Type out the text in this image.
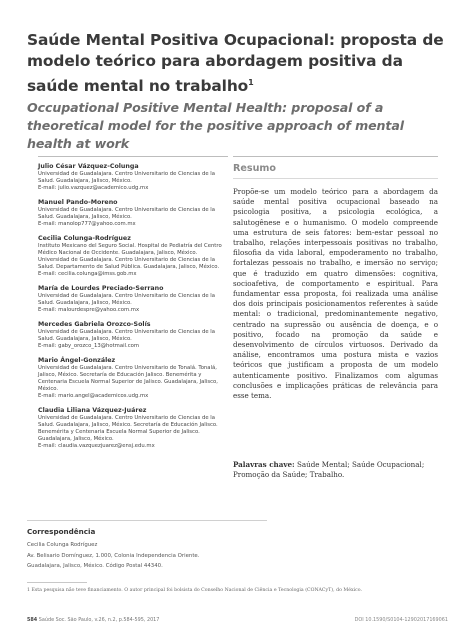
Saúde Mental Positiva Ocupacional: proposta de modelo teórico para abordagem positiva da saúde mental no trabalho$^1$
Occupational Positive Mental Health: proposal of a theoretical model for the positive approach of mental health at work
Julio César Vázquez-Colunga
Universidad de Guadalajara. Centro Universitario de Ciencias de la Salud. Guadalajara, Jalisco, México.
E-mail: julio.vazquez@academico.udg.mx
Manuel Pando-Moreno
Universidad de Guadalajara. Centro Universitario de Ciencias de la Salud. Guadalajara, Jalisco, México.
E-mail: manolop777@yahoo.com.mx
Cecilia Colunga-Rodríguez
Instituto Mexicano del Seguro Social. Hospital de Pediatría del Centro Médico Nacional de Occidente. Guadalajara, Jalisco, México. Universidad de Guadalajara. Centro Universitario de Ciencias de la Salud. Departamento de Salud Pública. Guadalajara, Jalisco, México.
E-mail: cecilia.colunga@imss.gob.mx
María de Lourdes Preciado-Serrano
Universidad de Guadalajara. Centro Universitario de Ciencias de la Salud. Guadalajara, Jalisco, México.
E-mail: malourdespre@yahoo.com.mx
Mercedes Gabriela Orozco-Solís
Universidad de Guadalajara. Centro Universitario de Ciencias de la Salud. Guadalajara, Jalisco, México.
E-mail: gaby_orozco_13@hotmail.com
Mario Ángel-González
Universidad de Guadalajara. Centro Universitario de Tonalá. Tonalá, Jalisco, México. Secretaría de Educación Jalisco. Benemérita y Centenaria Escuela Normal Superior de Jalisco. Guadalajara, Jalisco, México.
E-mail: mario.angel@academicos.udg.mx
Claudia Liliana Vázquez-Juárez
Universidad de Guadalajara. Centro Universitario de Ciencias de la Salud. Guadalajara, Jalisco, México. Secretaría de Educación Jalisco. Benemérita y Centenaria Escuela Normal Superior de Jalisco. Guadalajara, Jalisco, México.
E-mail: claudia.vazquezjuarez@ensj.edu.mx
Resumo

Propõe-se um modelo teórico para a abordagem da saúde mental positiva ocupacional baseado na psicologia positiva, a psicologia ecológica, a salutogênese e o humanismo. O modelo compreende uma estrutura de seis fatores: bem-estar pessoal no trabalho, relações interpessoais positivas no trabalho, filosofia da vida laboral, empoderamento no trabalho, fortalezas pessoais no trabalho, e imersão no serviço; que é traduzido em quatro dimensões: cognitiva, socioafetiva, de comportamento e espiritual. Para fundamentar essa proposta, foi realizada uma análise dos dois principais posicionamentos referentes à saúde mental: o tradicional, predominantemente negativo, centrado na supressão ou ausência de doença, e o positivo, focado na promoção da saúde e desenvolvimento de círculos virtuosos. Derivado da análise, encontramos uma postura mista e vazios teóricos que justificam a proposta de um modelo autenticamente positivo. Finalizamos com algumas conclusões e implicações práticas de relevância para esse tema.

Palavras chave: Saúde Mental; Saúde Ocupacional; Promoção da Saúde; Trabalho.

Correspondência
Cecilia Colunga Rodríguez
Av. Belisario Domínguez, 1.000, Colonia Independencia Oriente.
Guadalajara, Jalisco, México. Código Postal 44340.

1 Esta pesquisa não teve financiamento. O autor principal foi bolsista do Conselho Nacional de Ciência e Tecnologia (CONACyT), do México.

584 Saúde Soc. São Paulo, v.26, n.2, p.584-595, 2017	DOI 10.1590/S0104-12902017169061
